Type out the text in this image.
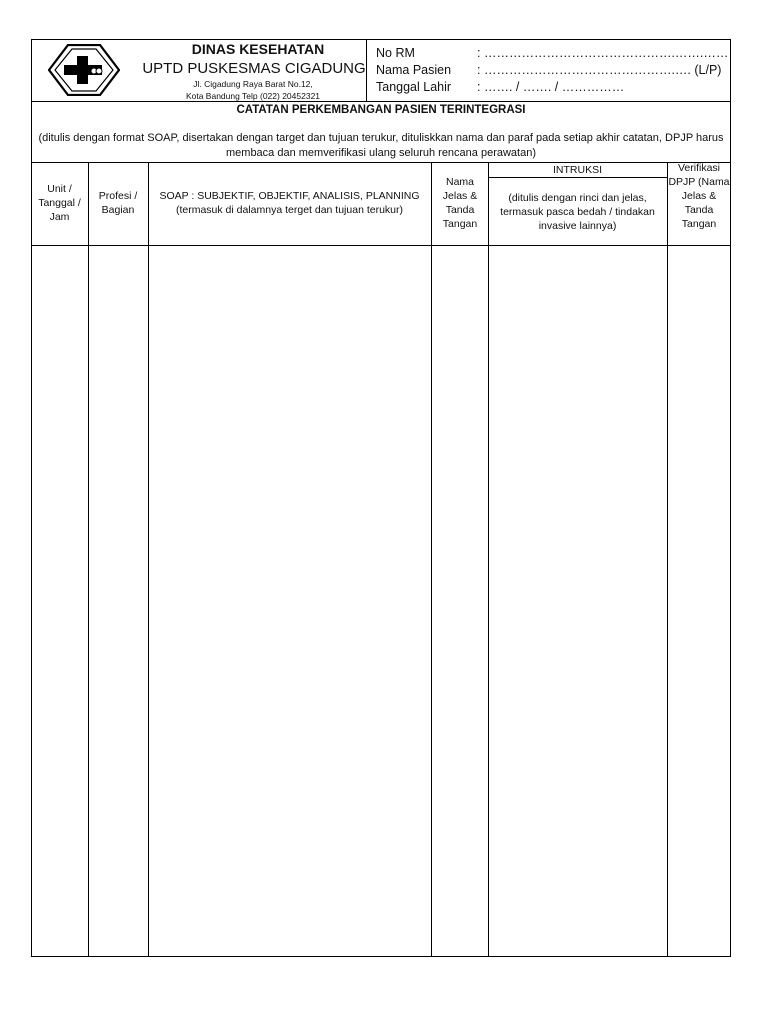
DINAS KESEHATAN
UPTD PUSKESMAS CIGADUNG
Jl. Cigadung Raya Barat No.12,
Kota Bandung Telp (022) 20452321
No RM	: ……………………………………….…….……
Nama Pasien : ……………………………………….…. (L/P)
Tanggal Lahir : ……. / ……. / ……………
CATATAN PERKEMBANGAN PASIEN TERINTEGRASI
(ditulis dengan format SOAP, disertakan dengan target dan tujuan terukur, dituliskkan nama dan paraf pada setiap akhir catatan, DPJP harus membaca dan memverifikasi ulang seluruh rencana perawatan)
Unit / Tanggal / Jam
Profesi / Bagian
SOAP : SUBJEKTIF, OBJEKTIF, ANALISIS, PLANNING
(termasuk di dalamnya terget dan tujuan terukur)
Nama Jelas & Tanda Tangan
INTRUKSI
(ditulis dengan rinci dan jelas, termasuk pasca bedah / tindakan invasive lainnya)
Verifikasi DPJP (Nama Jelas & Tanda Tangan
